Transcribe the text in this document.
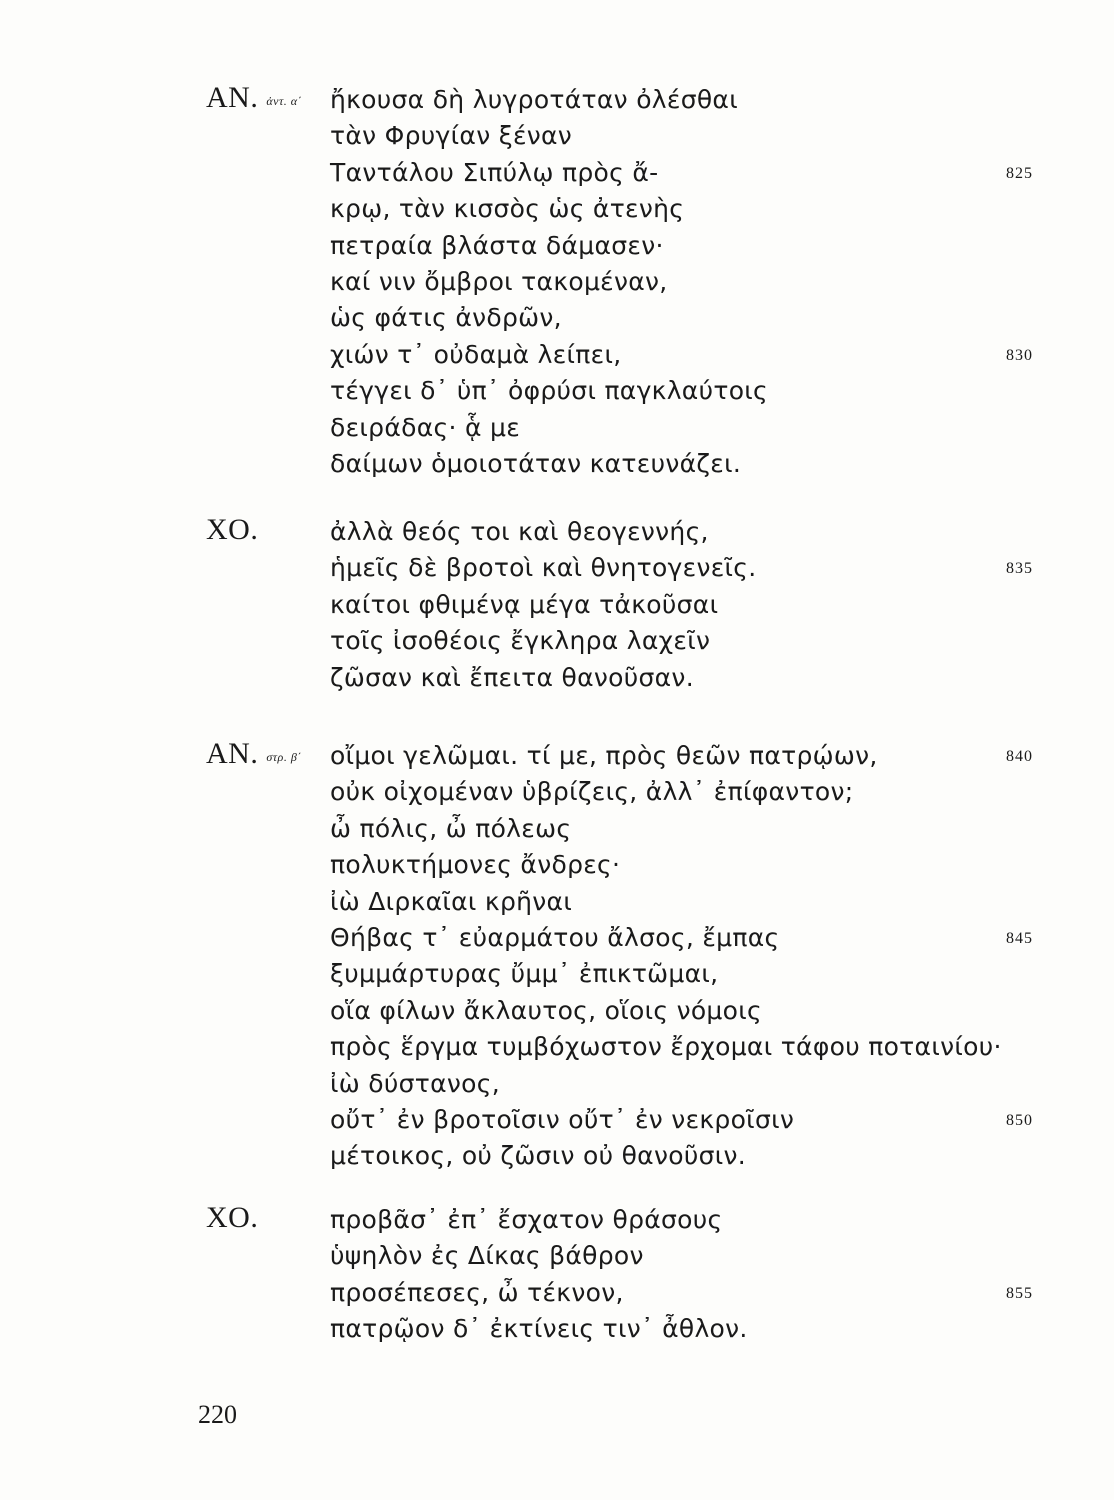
AN. ἀντ. α΄ ἤκουσα δὴ λυγροτάταν ὀλέσθαι
τὰν Φρυγίαν ξέναν
Ταντάλου Σιπύλῳ πρὸς ἄ-
κρῳ, τὰν κισσὸς ὡς ἀτενὴς
πετραία βλάστα δάμασεν·
καί νιν ὄμβροι τακομέναν,
ὡς φάτις ἀνδρῶν,
χιών τ᾽ οὐδαμὰ λείπει,
τέγγει δ᾽ ὑπ᾽ ὀφρύσι παγκλαύτοις
δειράδας· ᾇ με
δαίμων ὁμοιοτάταν κατευνάζει.
825
830
XO.	ἀλλὰ θεός τοι καὶ θεογεννής,
ἡμεῖς δὲ βροτοὶ καὶ θνητογενεῖς.
καίτοι φθιμένᾳ μέγα τἀκοῦσαι
τοῖς ἰσοθέοις ἔγκληρα λαχεῖν
ζῶσαν καὶ ἔπειτα θανοῦσαν.
835
AN. στρ. β΄ οἴμοι γελῶμαι. τί με, πρὸς θεῶν πατρῴων,
οὐκ οἰχομέναν ὑβρίζεις, ἀλλ᾽ ἐπίφαντον;
ὦ πόλις, ὦ πόλεως
πολυκτήμονες ἄνδρες·
ἰὼ Διρκαῖαι κρῆναι
Θήβας τ᾽ εὐαρμάτου ἄλσος, ἔμπας
ξυμμάρτυρας ὔμμ᾽ ἐπικτῶμαι,
οἵα φίλων ἄκλαυτος, οἵοις νόμοις
πρὸς ἕργμα τυμβόχωστον ἔρχομαι τάφου ποταινίου·
ἰὼ δύστανος,
οὔτ᾽ ἐν βροτοῖσιν οὔτ᾽ ἐν νεκροῖσιν
μέτοικος, οὐ ζῶσιν οὐ θανοῦσιν.
840
845
850
XO.	προβᾶσ᾽ ἐπ᾽ ἔσχατον θράσους
ὑψηλὸν ἐς Δίκας βάθρον
προσέπεσες, ὦ τέκνον,
πατρῷον δ᾽ ἐκτίνεις τιν᾽ ἆθλον.
855
220
